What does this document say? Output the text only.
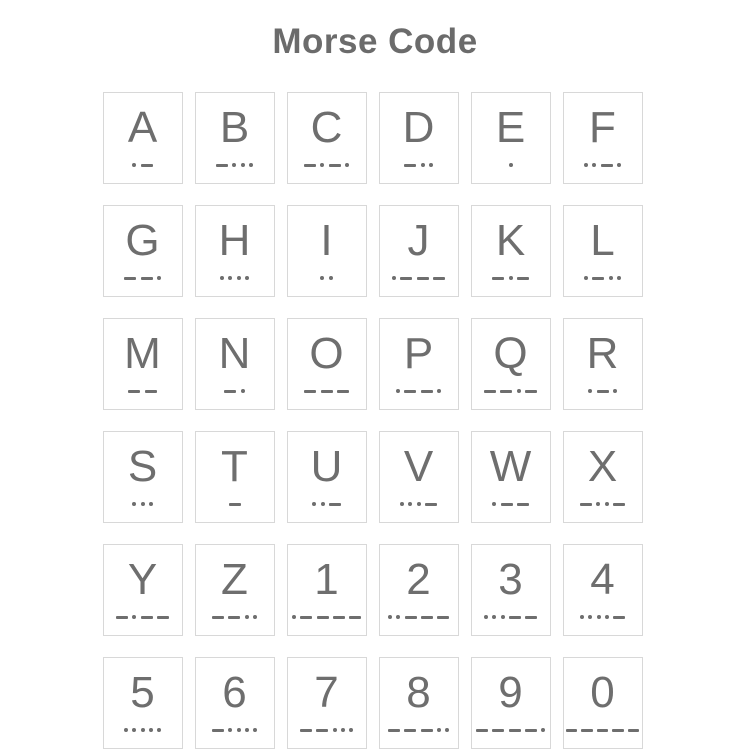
Morse Code
A B C D E F
G H I J K L
M N O P Q R
S T U V W X
Y Z 1 2 3 4
5 6 7 8 9 0
